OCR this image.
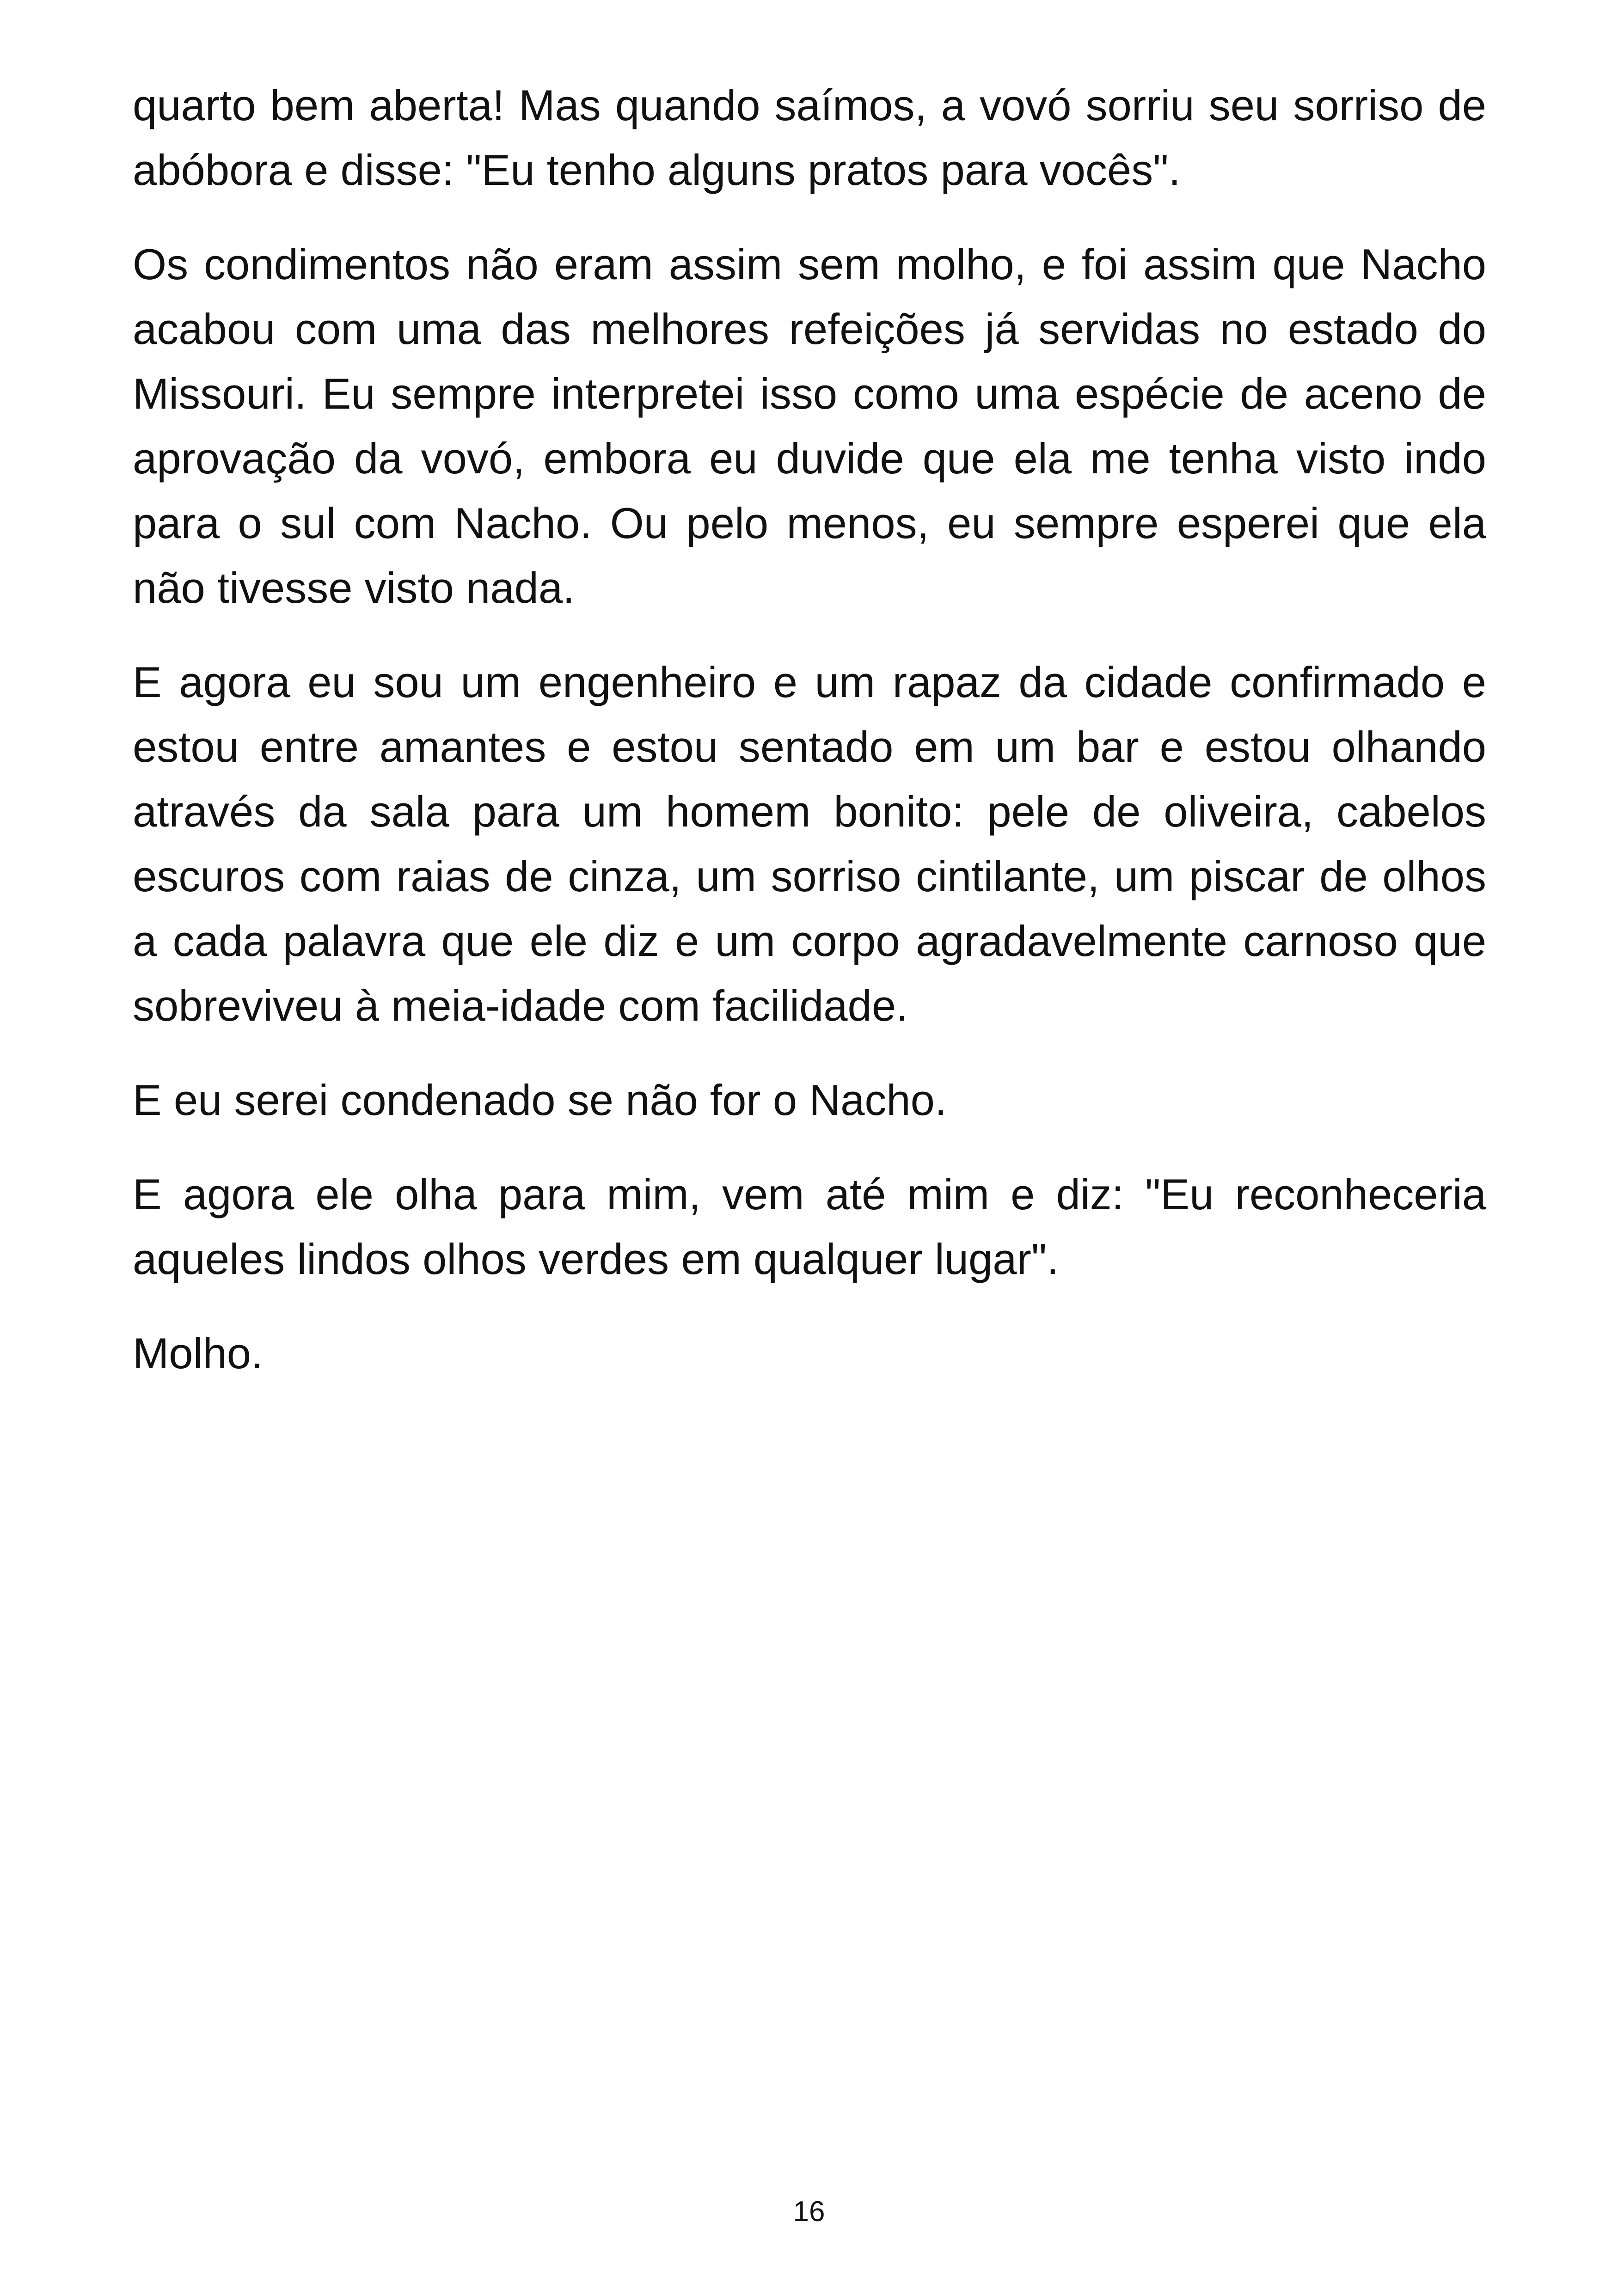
quarto bem aberta! Mas quando saímos, a vovó sorriu seu sorriso de abóbora e disse: "Eu tenho alguns pratos para vocês".

Os condimentos não eram assim sem molho, e foi assim que Nacho acabou com uma das melhores refeições já servidas no estado do Missouri. Eu sempre interpretei isso como uma espécie de aceno de aprovação da vovó, embora eu duvide que ela me tenha visto indo para o sul com Nacho. Ou pelo menos, eu sempre esperei que ela não tivesse visto nada.

E agora eu sou um engenheiro e um rapaz da cidade confirmado e estou entre amantes e estou sentado em um bar e estou olhando através da sala para um homem bonito: pele de oliveira, cabelos escuros com raias de cinza, um sorriso cintilante, um piscar de olhos a cada palavra que ele diz e um corpo agradavelmente carnoso que sobreviveu à meia-idade com facilidade.

E eu serei condenado se não for o Nacho.

E agora ele olha para mim, vem até mim e diz: "Eu reconheceria aqueles lindos olhos verdes em qualquer lugar".

Molho.

16
